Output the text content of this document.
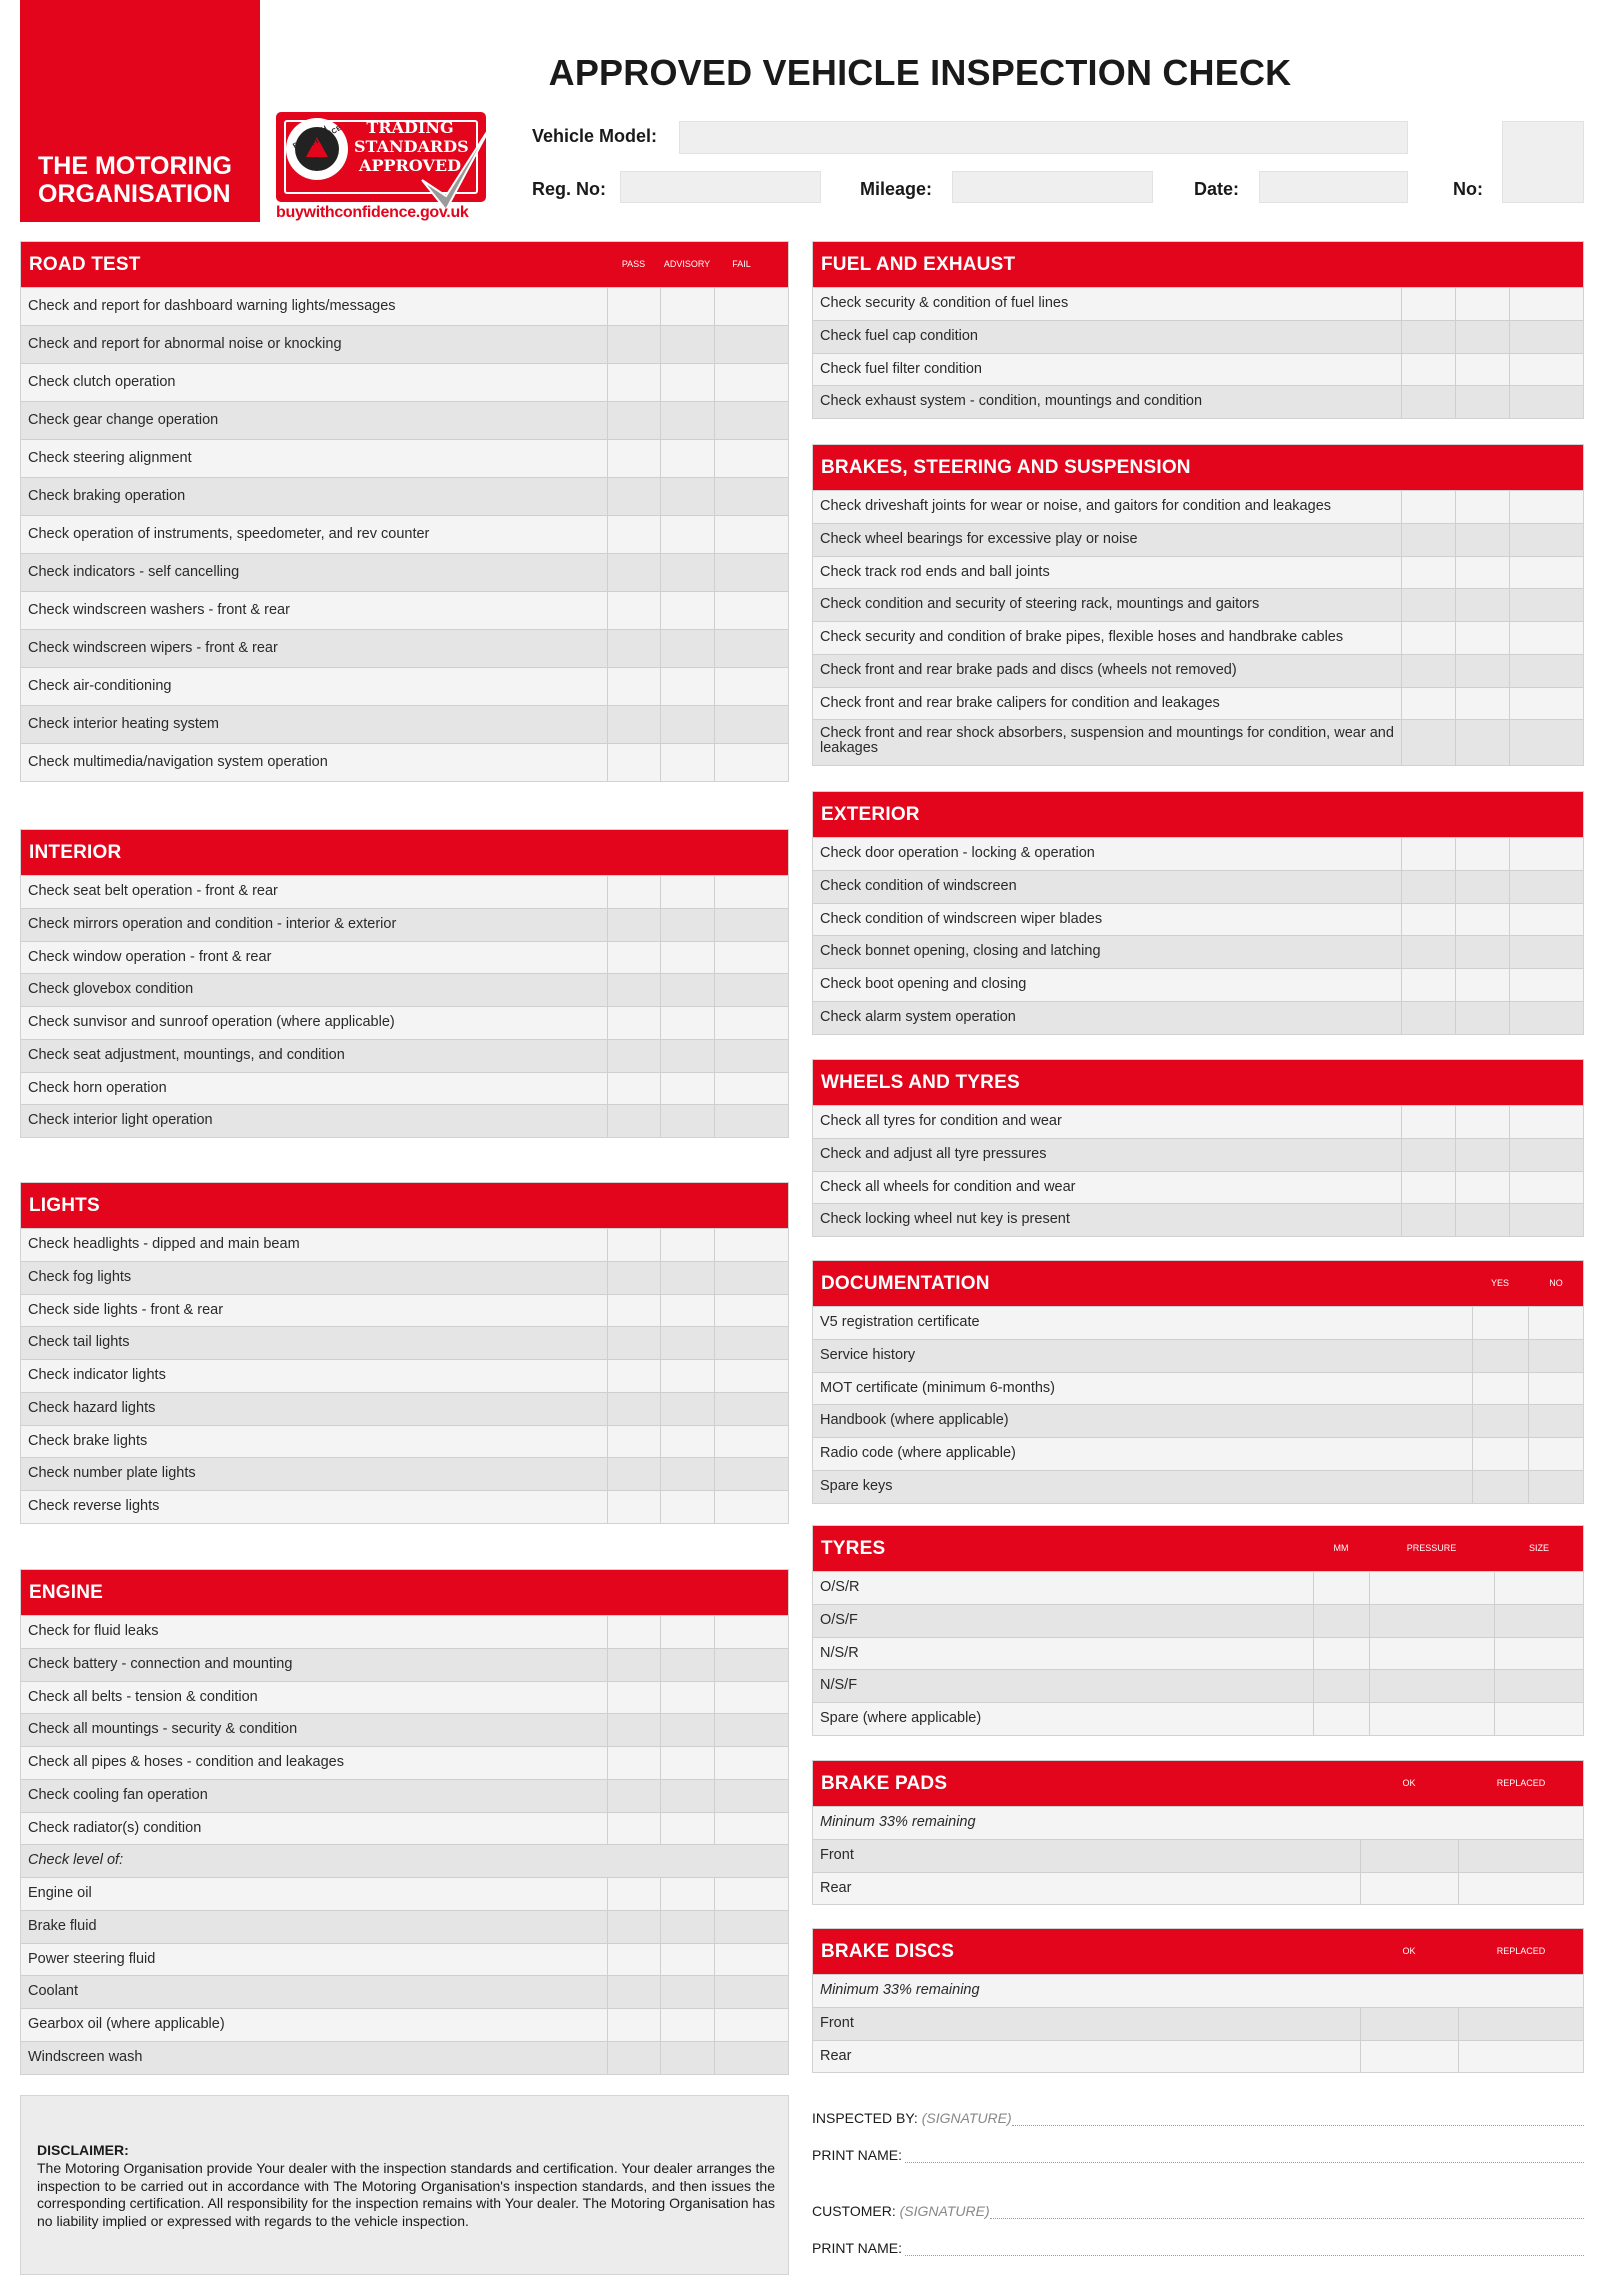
THE MOTORING
ORGANISATION
BUY WITH CONFIDENCE	TRADING
STANDARDS
APPROVED
buywithconfidence.gov.uk
APPROVED VEHICLE INSPECTION CHECK
Vehicle Model:
Reg. No:	Mileage:	Date:	No:
ROAD TEST	PASS	ADVISORY	FAIL
Check and report for dashboard warning lights/messages
Check and report for abnormal noise or knocking
Check clutch operation
Check gear change operation
Check steering alignment
Check braking operation
Check operation of instruments, speedometer, and rev counter
Check indicators - self cancelling
Check windscreen washers - front & rear
Check windscreen wipers - front & rear
Check air-conditioning
Check interior heating system
Check multimedia/navigation system operation
INTERIOR
Check seat belt operation - front & rear
Check mirrors operation and condition - interior & exterior
Check window operation - front & rear
Check glovebox condition
Check sunvisor and sunroof operation (where applicable)
Check seat adjustment, mountings, and condition
Check horn operation
Check interior light operation
LIGHTS
Check headlights - dipped and main beam
Check fog lights
Check side lights - front & rear
Check tail lights
Check indicator lights
Check hazard lights
Check brake lights
Check number plate lights
Check reverse lights
ENGINE
Check for fluid leaks
Check battery - connection and mounting
Check all belts - tension & condition
Check all mountings - security & condition
Check all pipes & hoses - condition and leakages
Check cooling fan operation
Check radiator(s) condition
Check level of:
Engine oil
Brake fluid
Power steering fluid
Coolant
Gearbox oil (where applicable)
Windscreen wash
FUEL AND EXHAUST
Check security & condition of fuel lines
Check fuel cap condition
Check fuel filter condition
Check exhaust system - condition, mountings and condition
BRAKES, STEERING AND SUSPENSION
Check driveshaft joints for wear or noise, and gaitors for condition and leakages
Check wheel bearings for excessive play or noise
Check track rod ends and ball joints
Check condition and security of steering rack, mountings and gaitors
Check security and condition of brake pipes, flexible hoses and handbrake cables
Check front and rear brake pads and discs (wheels not removed)
Check front and rear brake calipers for condition and leakages
Check front and rear shock absorbers, suspension and mountings for condition, wear and leakages
EXTERIOR
Check door operation - locking & operation
Check condition of windscreen
Check condition of windscreen wiper blades
Check bonnet opening, closing and latching
Check boot opening and closing
Check alarm system operation
WHEELS AND TYRES
Check all tyres for condition and wear
Check and adjust all tyre pressures
Check all wheels for condition and wear
Check locking wheel nut key is present
DOCUMENTATION	YES	NO
V5 registration certificate
Service history
MOT certificate (minimum 6-months)
Handbook (where applicable)
Radio code (where applicable)
Spare keys
TYRES	MM	PRESSURE	SIZE
O/S/R
O/S/F
N/S/R
N/S/F
Spare (where applicable)
BRAKE PADS	OK	REPLACED
Mininum 33% remaining
Front
Rear
BRAKE DISCS	OK	REPLACED
Minimum 33% remaining
Front
Rear
DISCLAIMER:
The Motoring Organisation provide Your dealer with the inspection standards and certification. Your dealer arranges the inspection to be carried out in accordance with The Motoring Organisation's inspection standards, and then issues the corresponding certification. All responsibility for the inspection remains with Your dealer. The Motoring Organisation has no liability implied or expressed with regards to the vehicle inspection.
INSPECTED BY: (SIGNATURE)
PRINT NAME:
CUSTOMER: (SIGNATURE)
PRINT NAME:
